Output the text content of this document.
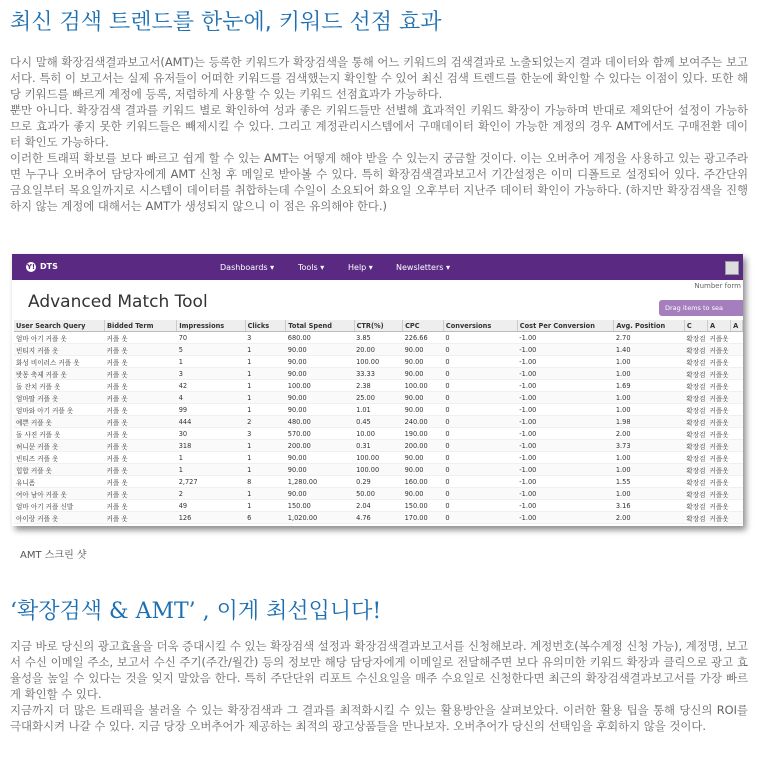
최신 검색 트렌드를 한눈에, 키워드 선점 효과

다시 말해 확장검색결과보고서(AMT)는 등록한 키워드가 확장검색을 통해 어느 키워드의 검색결과로 노출되었는지 결과 데이터와 함께 보여주는 보고서다. 특히 이 보고서는 실제 유저들이 어떠한 키워드를 검색했는지 확인할 수 있어 최신 검색 트렌드를 한눈에 확인할 수 있다는 이점이 있다. 또한 해당 키워드를 빠르게 계정에 등록, 저렴하게 사용할 수 있는 키워드 선점효과가 가능하다.

뿐만 아니다. 확장검색 결과를 키워드 별로 확인하여 성과 좋은 키워드들만 선별해 효과적인 키워드 확장이 가능하며 반대로 제외단어 설정이 가능하므로 효과가 좋지 못한 키워드들은 빼제시킬 수 있다. 그리고 계정관리시스템에서 구매데이터 확인이 가능한 계정의 경우 AMT에서도 구매전환 데이터 확인도 가능하다.

이러한 트래픽 확보를 보다 빠르고 쉽게 할 수 있는 AMT는 어떻게 해야 받을 수 있는지 궁금할 것이다. 이는 오버추어 계정을 사용하고 있는 광고주라면 누구나 오버추어 담당자에게 AMT 신청 후 메일로 받아볼 수 있다. 특히 확장검색결과보고서 기간설정은 이미 디폴트로 설정되어 있다. 주간단위 금요일부터 목요일까지로 시스템이 데이터를 취합하는데 수일이 소요되어 화요일 오후부터 지난주 데이터 확인이 가능하다. (하지만 확장검색을 진행하지 않는 계정에 대해서는 AMT가 생성되지 않으니 이 점은 유의해야 한다.)

Y! DTS	Dashboards ▾	Tools ▾	Help ▾	Newsletters ▾
Number form
Advanced Match Tool	Drag items to sea
User Search Query	Bidded Term	Impressions	Clicks	Total Spend	CTR(%)	CPC	Conversions	Cost Per Conversion	Avg. Position	C	A	A
엄마 아기 커플 옷	커플 옷	70	3	680.00	3.85	226.66	0	-1.00	2.70	확장검	커플옷	
빈티지 커플 옷	커플 옷	5	1	90.00	20.00	90.00	0	-1.00	1.40	확장검	커플옷	
화성 비이러스 커플 옷	커플 옷	1	1	90.00	100.00	90.00	0	-1.00	1.00	확장검	커플옷	
밧몽 축제 커플 옷	커플 옷	3	1	90.00	33.33	90.00	0	-1.00	1.00	확장검	커플옷	
돌 잔치 커플 옷	커플 옷	42	1	100.00	2.38	100.00	0	-1.00	1.69	확장검	커플옷	
엄마딸 커플 옷	커플 옷	4	1	90.00	25.00	90.00	0	-1.00	1.00	확장검	커플옷	
엄마와 아기 커플 옷	커플 옷	99	1	90.00	1.01	90.00	0	-1.00	1.00	확장검	커플옷	
예쁜 커플 옷	커플 옷	444	2	480.00	0.45	240.00	0	-1.00	1.98	확장검	커플옷	
돌 사진 커플 옷	커플 옷	30	3	570.00	10.00	190.00	0	-1.00	2.00	확장검	커플옷	
허니문 커플 옷	커플 옷	318	1	200.00	0.31	200.00	0	-1.00	3.73	확장검	커플옷	
빈티즈 커플 옷	커플 옷	1	1	90.00	100.00	90.00	0	-1.00	1.00	확장검	커플옷	
힙합 커플 옷	커플 옷	1	1	90.00	100.00	90.00	0	-1.00	1.00	확장검	커플옷	
유니폼	커플 옷	2,727	8	1,280.00	0.29	160.00	0	-1.00	1.55	확장검	커플옷	
여아 남아 커플 옷	커플 옷	2	1	90.00	50.00	90.00	0	-1.00	1.00	확장검	커플옷	
엄마 아기 커플 신발	커플 옷	49	1	150.00	2.04	150.00	0	-1.00	3.16	확장검	커플옷	
아이랑 커플 옷	커플 옷	126	6	1,020.00	4.76	170.00	0	-1.00	2.00	확장검	커플옷	
AMT 스크린 샷
‘확장검색 & AMT’ , 이게 최선입니다!

지금 바로 당신의 광고효율을 더욱 증대시킬 수 있는 확장검색 설정과 확장검색결과보고서를 신청해보라. 계정번호(복수계정 신청 가능), 계정명, 보고서 수신 이메일 주소, 보고서 수신 주기(주간/월간) 등의 정보만 해당 담당자에게 이메일로 전달해주면 보다 유의미한 키워드 확장과 클릭으로 광고 효율성을 높일 수 있다는 것을 잊지 말았음 한다. 특히 주단단위 리포트 수신요일을 매주 수요일로 신청한다면 최근의 확장검색결과보고서를 가장 빠르게 확인할 수 있다.

지금까지 더 많은 트래픽을 불러올 수 있는 확장검색과 그 결과를 최적화시킬 수 있는 활용방안을 살펴보았다. 이러한 활용 팁을 통해 당신의 ROI를 극대화시켜 나갈 수 있다. 지금 당장 오버추어가 제공하는 최적의 광고상품들을 만나보자. 오버추어가 당신의 선택임을 후회하지 않을 것이다.
